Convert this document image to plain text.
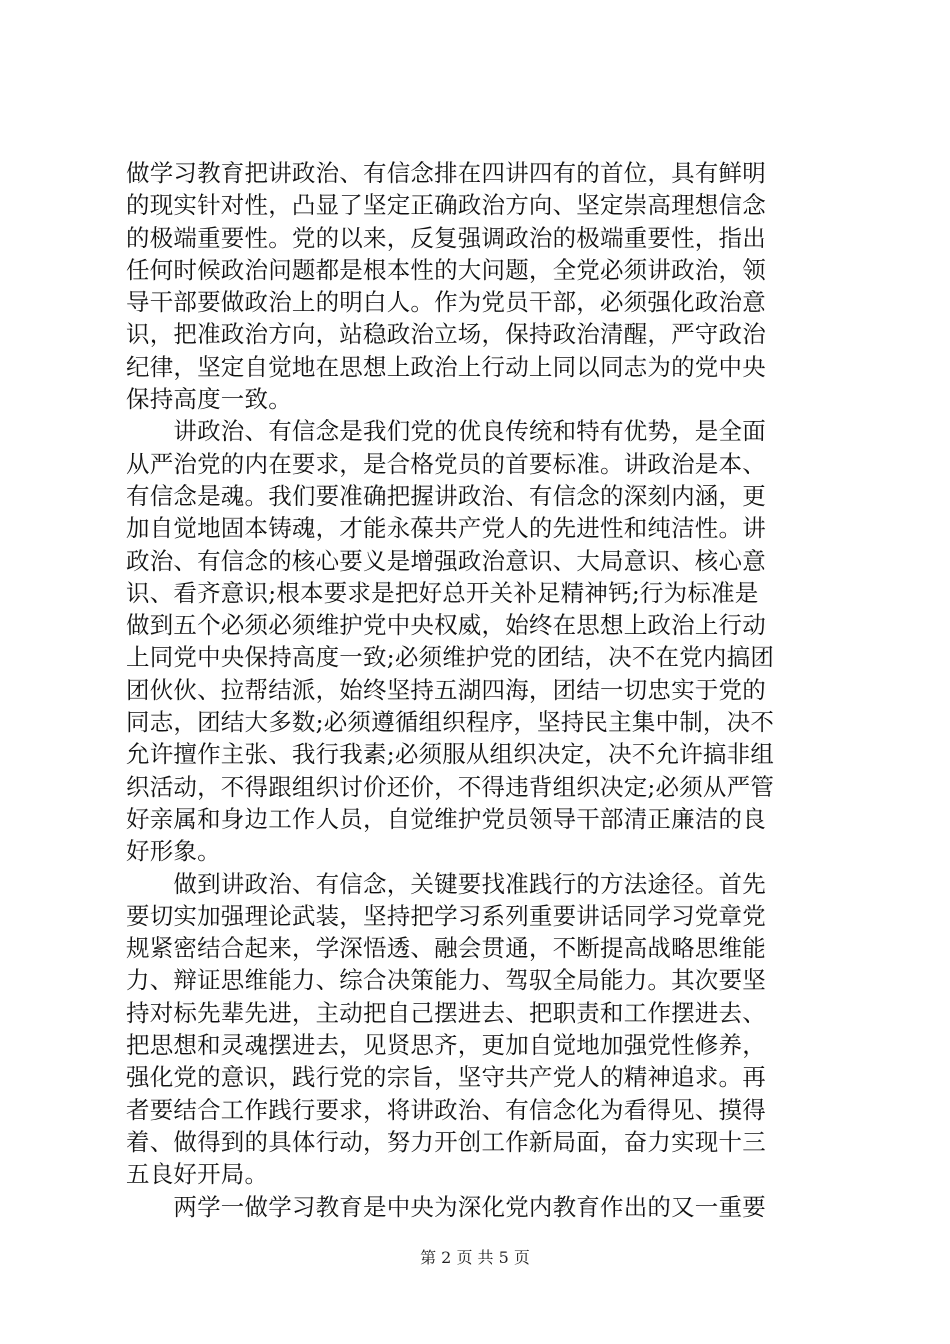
做学习教育把讲政治、有信念排在四讲四有的首位，具有鲜明
的现实针对性，凸显了坚定正确政治方向、坚定崇高理想信念
的极端重要性。党的以来，反复强调政治的极端重要性，指出
任何时候政治问题都是根本性的大问题，全党必须讲政治，领
导干部要做政治上的明白人。作为党员干部，必须强化政治意
识，把准政治方向，站稳政治立场，保持政治清醒，严守政治
纪律，坚定自觉地在思想上政治上行动上同以同志为的党中央
保持高度一致。
　　讲政治、有信念是我们党的优良传统和特有优势，是全面
从严治党的内在要求，是合格党员的首要标准。讲政治是本、
有信念是魂。我们要准确把握讲政治、有信念的深刻内涵，更
加自觉地固本铸魂，才能永葆共产党人的先进性和纯洁性。讲
政治、有信念的核心要义是增强政治意识、大局意识、核心意
识、看齐意识;根本要求是把好总开关补足精神钙;行为标准是
做到五个必须必须维护党中央权威，始终在思想上政治上行动
上同党中央保持高度一致;必须维护党的团结，决不在党内搞团
团伙伙、拉帮结派，始终坚持五湖四海，团结一切忠实于党的
同志，团结大多数;必须遵循组织程序，坚持民主集中制，决不
允许擅作主张、我行我素;必须服从组织决定，决不允许搞非组
织活动，不得跟组织讨价还价，不得违背组织决定;必须从严管
好亲属和身边工作人员，自觉维护党员领导干部清正廉洁的良
好形象。
　　做到讲政治、有信念，关键要找准践行的方法途径。首先
要切实加强理论武装，坚持把学习系列重要讲话同学习党章党
规紧密结合起来，学深悟透、融会贯通，不断提高战略思维能
力、辩证思维能力、综合决策能力、驾驭全局能力。其次要坚
持对标先辈先进，主动把自己摆进去、把职责和工作摆进去、
把思想和灵魂摆进去，见贤思齐，更加自觉地加强党性修养，
强化党的意识，践行党的宗旨，坚守共产党人的精神追求。再
者要结合工作践行要求，将讲政治、有信念化为看得见、摸得
着、做得到的具体行动，努力开创工作新局面，奋力实现十三
五良好开局。
　　两学一做学习教育是中央为深化党内教育作出的又一重要
第 2 页 共 5 页
